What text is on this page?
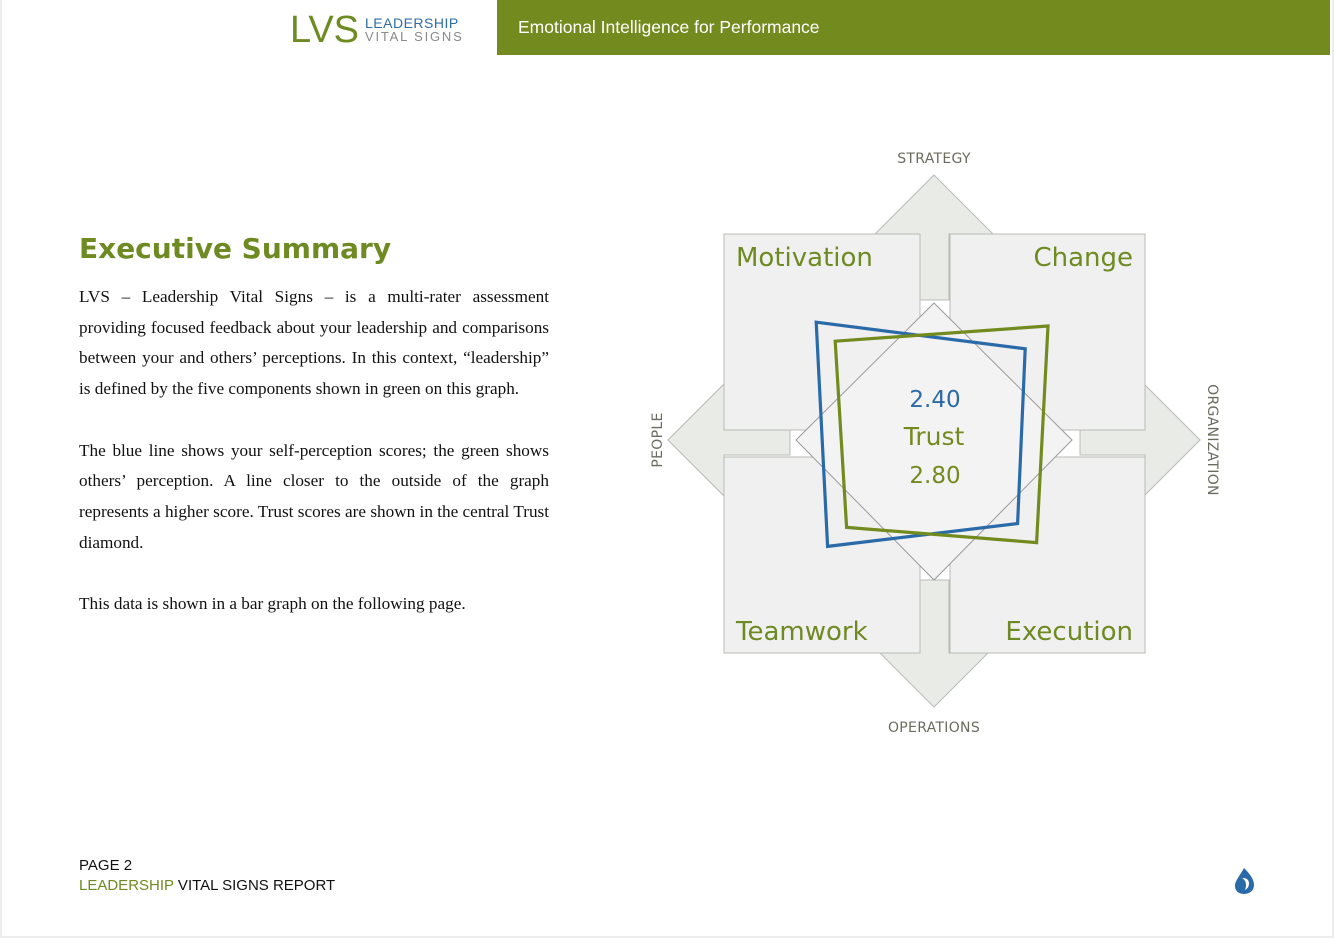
LVS LEADERSHIP
VITAL SIGNS	Emotional Intelligence for Performance
Executive Summary

LVS – Leadership Vital Signs – is a multi-rater assessment providing focused feedback about your leadership and comparisons between your and others’ perceptions. In this context, “leadership” is defined by the five components shown in green on this graph.

The blue line shows your self-perception scores; the green shows others’ perception. A line closer to the outside of the graph represents a higher score. Trust scores are shown in the central Trust diamond.

This data is shown in a bar graph on the following page.

STRATEGY
OPERATIONS
PEOPLE	ORGANIZATION
Motivation	Change
Teamwork	Execution
2.40
Trust
2.80
PAGE 2
LEADERSHIP VITAL SIGNS REPORT
